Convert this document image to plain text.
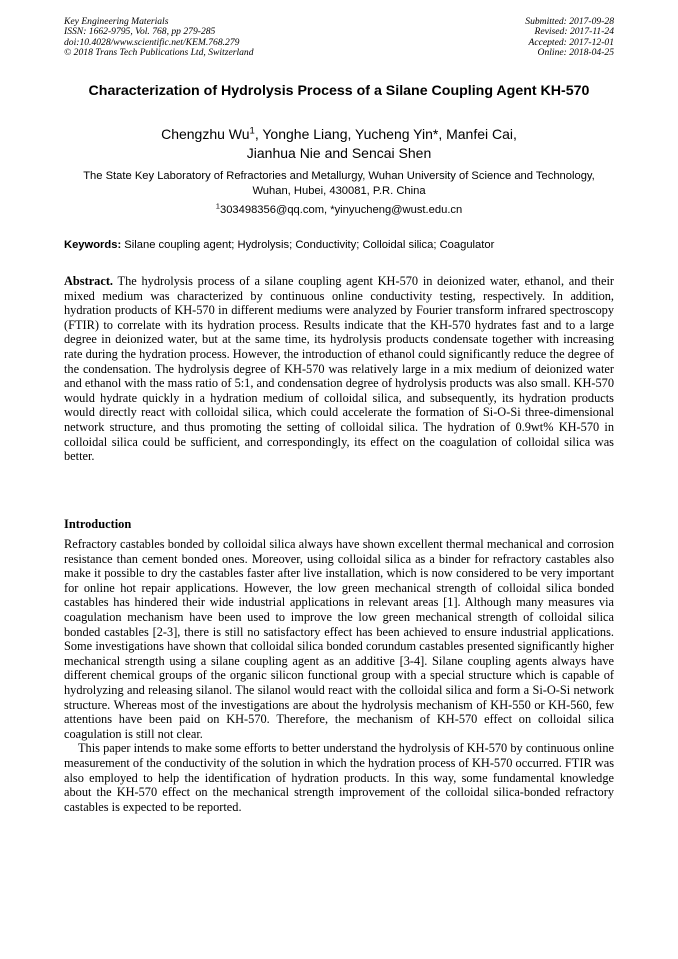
Key Engineering Materials
ISSN: 1662-9795, Vol. 768, pp 279-285
doi:10.4028/www.scientific.net/KEM.768.279
© 2018 Trans Tech Publications Ltd, Switzerland
Submitted: 2017-09-28
Revised: 2017-11-24
Accepted: 2017-12-01
Online: 2018-04-25
Characterization of Hydrolysis Process of a Silane Coupling Agent KH-570
Chengzhu Wu$^1$, Yonghe Liang, Yucheng Yin*, Manfei Cai,
Jianhua Nie and Sencai Shen
The State Key Laboratory of Refractories and Metallurgy, Wuhan University of Science and Technology, Wuhan, Hubei, 430081, P.R. China
$^1$303498356@qq.com, *yinyucheng@wust.edu.cn
Keywords: Silane coupling agent; Hydrolysis; Conductivity; Colloidal silica; Coagulator
Abstract. The hydrolysis process of a silane coupling agent KH-570 in deionized water, ethanol, and their mixed medium was characterized by continuous online conductivity testing, respectively. In addition, hydration products of KH-570 in different mediums were analyzed by Fourier transform infrared spectroscopy (FTIR) to correlate with its hydration process. Results indicate that the KH-570 hydrates fast and to a large degree in deionized water, but at the same time, its hydrolysis products condensate together with increasing rate during the hydration process. However, the introduction of ethanol could significantly reduce the degree of the condensation. The hydrolysis degree of KH-570 was relatively large in a mix medium of deionized water and ethanol with the mass ratio of 5:1, and condensation degree of hydrolysis products was also small. KH-570 would hydrate quickly in a hydration medium of colloidal silica, and subsequently, its hydration products would directly react with colloidal silica, which could accelerate the formation of Si-O-Si three-dimensional network structure, and thus promoting the setting of colloidal silica. The hydration of 0.9wt% KH-570 in colloidal silica could be sufficient, and correspondingly, its effect on the coagulation of colloidal silica was better.
Introduction

Refractory castables bonded by colloidal silica always have shown excellent thermal mechanical and corrosion resistance than cement bonded ones. Moreover, using colloidal silica as a binder for refractory castables also make it possible to dry the castables faster after live installation, which is now considered to be very important for online hot repair applications. However, the low green mechanical strength of colloidal silica bonded castables has hindered their wide industrial applications in relevant areas [1]. Although many measures via coagulation mechanism have been used to improve the low green mechanical strength of colloidal silica bonded castables [2-3], there is still no satisfactory effect has been achieved to ensure industrial applications. Some investigations have shown that colloidal silica bonded corundum castables presented significantly higher mechanical strength using a silane coupling agent as an additive [3-4]. Silane coupling agents always have different chemical groups of the organic silicon functional group with a special structure which is capable of hydrolyzing and releasing silanol. The silanol would react with the colloidal silica and form a Si-O-Si network structure. Whereas most of the investigations are about the hydrolysis mechanism of KH-550 or KH-560, few attentions have been paid on KH-570. Therefore, the mechanism of KH-570 effect on colloidal silica coagulation is still not clear.

This paper intends to make some efforts to better understand the hydrolysis of KH-570 by continuous online measurement of the conductivity of the solution in which the hydration process of KH-570 occurred. FTIR was also employed to help the identification of hydration products. In this way, some fundamental knowledge about the KH-570 effect on the mechanical strength improvement of the colloidal silica-bonded refractory castables is expected to be reported.
